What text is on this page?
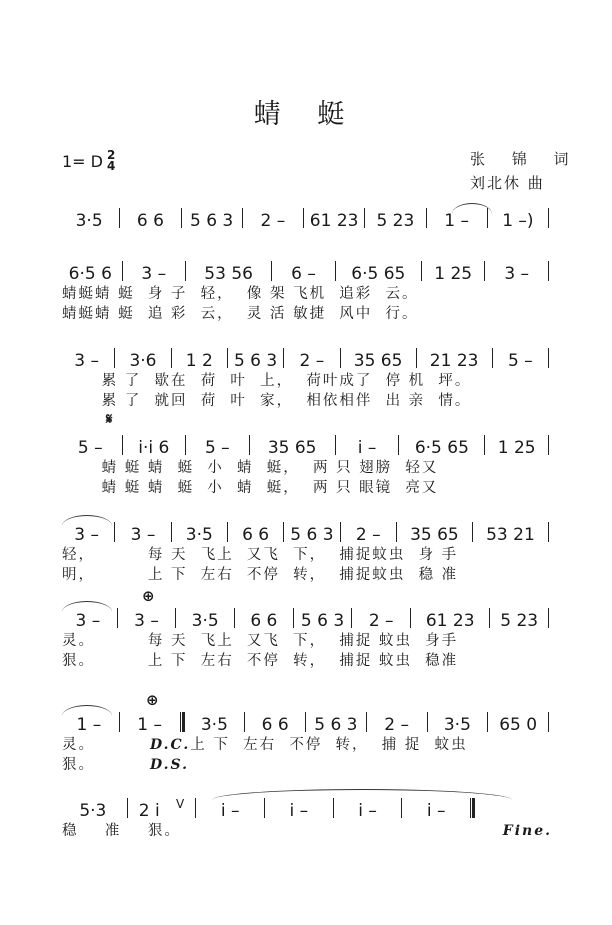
蜻 蜓
1= D 2
4	张 锦 词
刘北休 曲
3·5	6 6	5 6 3	2 –	61 23	5 23	1 –	1 –)
6·5 6	3 –	53 56	6 –	6·5 65	1 25	3 –
蜻蜓蜻 蜓  身 子  轻，  像 架 飞机  追彩  云。
蜻蜓蜻 蜓  追 彩  云，  灵 活 敏捷  风中  行。
3 –	3·6	1 2	5 6 3	2 –	35 65	21 23	5 –
累 了  歇在  荷  叶  上，  荷叶成了  停 机  坪。
累 了  就回  荷  叶  家，  相依相伴  出 亲  情。
𝄋
5 –	i·i 6	5 –	35 65	i –	6·5 65	1 25
蜻 蜓 蜻  蜓  小  蜻  蜓，  两 只 翅膀  轻又
蜻 蜓 蜻  蜓  小  蜻  蜓，  两 只 眼镜  亮又
3 –	3 –	3·5	6 6	5 6 3	2 –	35 65	53 21
轻，        每 天  飞上  又飞  下，  捕捉蚊虫  身 手
明，        上 下  左右  不停  转，  捕捉蚊虫  稳 准
⊕
3 –	3 –	3·5	6 6	5 6 3	2 –	61 23	5 23
灵。        每 天  飞上  又飞  下，  捕捉 蚊虫  身手
狠。        上 下  左右  不停  转，  捕捉 蚊虫  稳准
⊕
1 –	1 –	3·5	6 6	5 6 3	2 –	3·5	65 0
灵。	D.C. 上 下  左右  不停  转，  捕 捉  蚊虫
狠。	D.S.
5·3	2 i V	i –	i –	i –	i –
稳    准    狠。	Fine.
